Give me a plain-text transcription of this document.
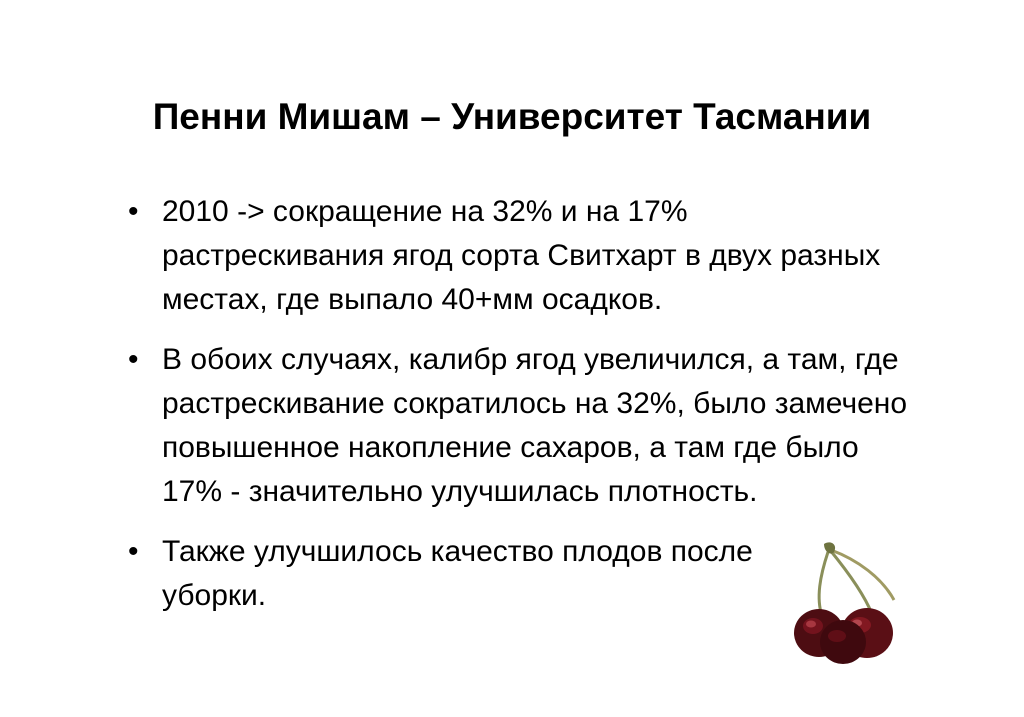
Пенни Мишам – Университет Тасмании
• 2010 -> сокращение на 32% и на 17% растрескивания ягод сорта Свитхарт в двух разных местах, где выпало 40+мм осадков.
• В обоих случаях, калибр ягод увеличился, а там, где растрескивание сократилось на 32%, было замечено повышенное накопление сахаров, а там где было 17% - значительно улучшилась плотность.
• Также улучшилось качество плодов после уборки.
